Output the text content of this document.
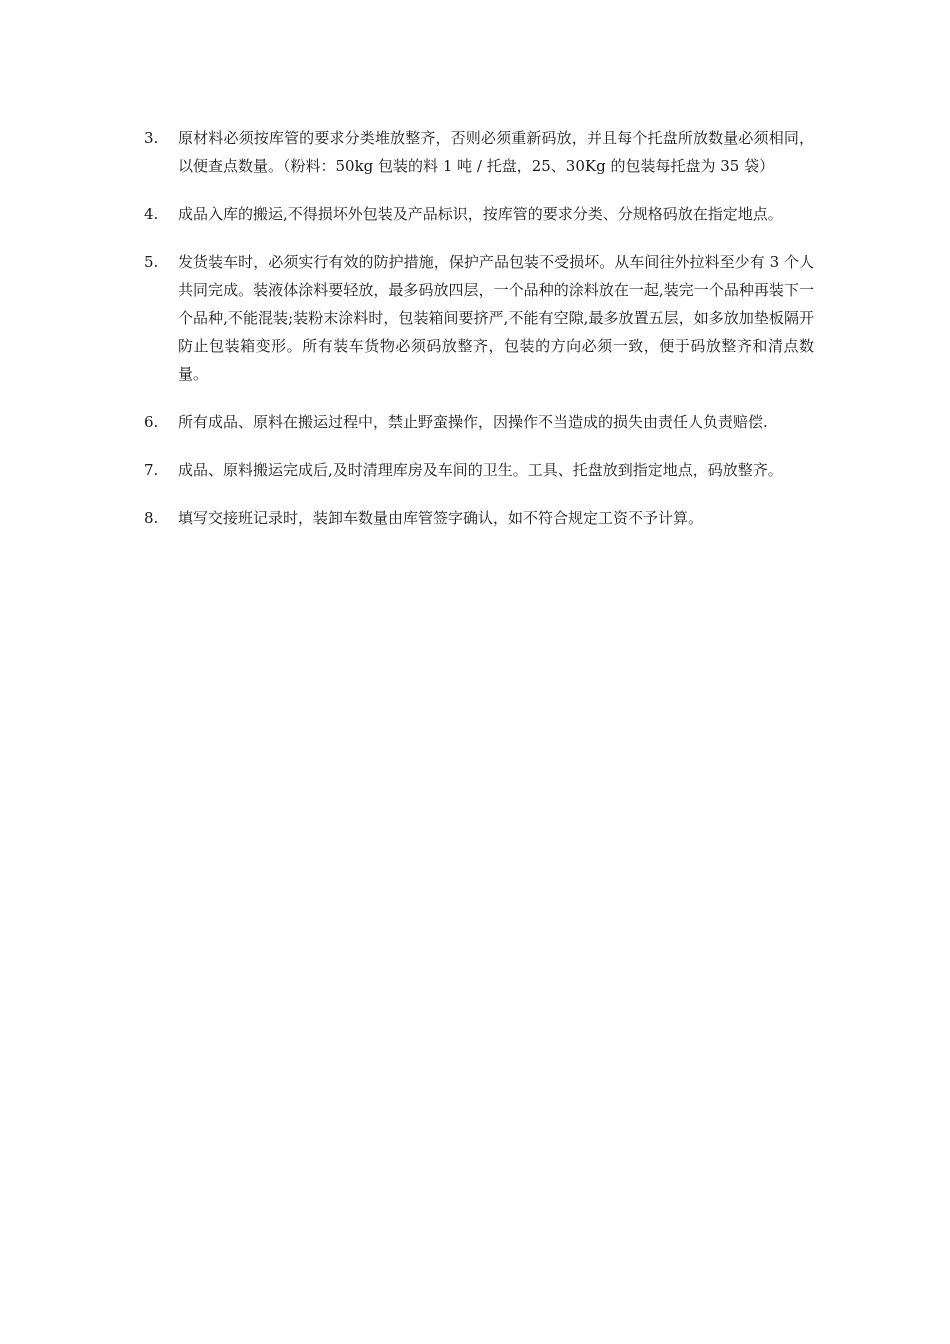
3.	原材料必须按库管的要求分类堆放整齐，否则必须重新码放，并且每个托盘所放数量必须相同，以便查点数量。（粉料：50kg 包装的料 1 吨 / 托盘，25、30Kg 的包装每托盘为 35 袋）
4.	成品入库的搬运,不得损坏外包装及产品标识，按库管的要求分类、分规格码放在指定地点。
5.	发货装车时，必须实行有效的防护措施，保护产品包装不受损坏。从车间往外拉料至少有 3 个人共同完成。装液体涂料要轻放，最多码放四层，一个品种的涂料放在一起,装完一个品种再装下一个品种,不能混装;装粉末涂料时，包装箱间要挤严,不能有空隙,最多放置五层，如多放加垫板隔开防止包装箱变形。所有装车货物必须码放整齐，包装的方向必须一致，便于码放整齐和清点数量。
6.	所有成品、原料在搬运过程中，禁止野蛮操作，因操作不当造成的损失由责任人负责赔偿.
7.	成品、原料搬运完成后,及时清理库房及车间的卫生。工具、托盘放到指定地点，码放整齐。
8.	填写交接班记录时，装卸车数量由库管签字确认，如不符合规定工资不予计算。
